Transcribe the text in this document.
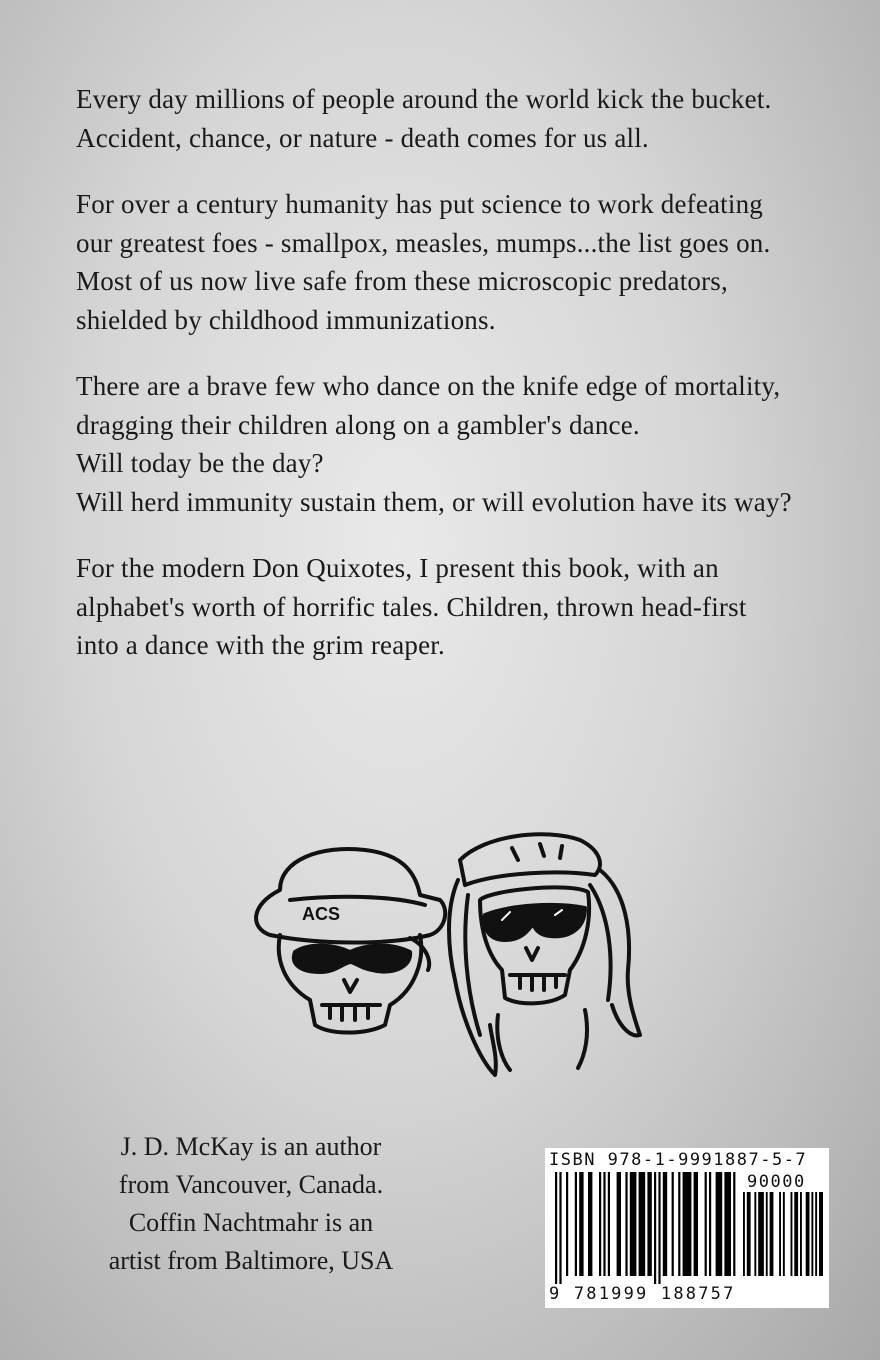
Every day millions of people around the world kick the bucket.
Accident, chance, or nature - death comes for us all.

For over a century humanity has put science to work defeating
our greatest foes - smallpox, measles, mumps...the list goes on.
Most of us now live safe from these microscopic predators,
shielded by childhood immunizations.

There are a brave few who dance on the knife edge of mortality,
dragging their children along on a gambler's dance.
Will today be the day?
Will herd immunity sustain them, or will evolution have its way?

For the modern Don Quixotes, I present this book, with an
alphabet's worth of horrific tales. Children, thrown head-first
into a dance with the grim reaper.

ACS
J. D. McKay is an author
from Vancouver, Canada.
Coffin Nachtmahr is an
artist from Baltimore, USA
ISBN 978-1-9991887-5-7
90000
9 781999 188757
